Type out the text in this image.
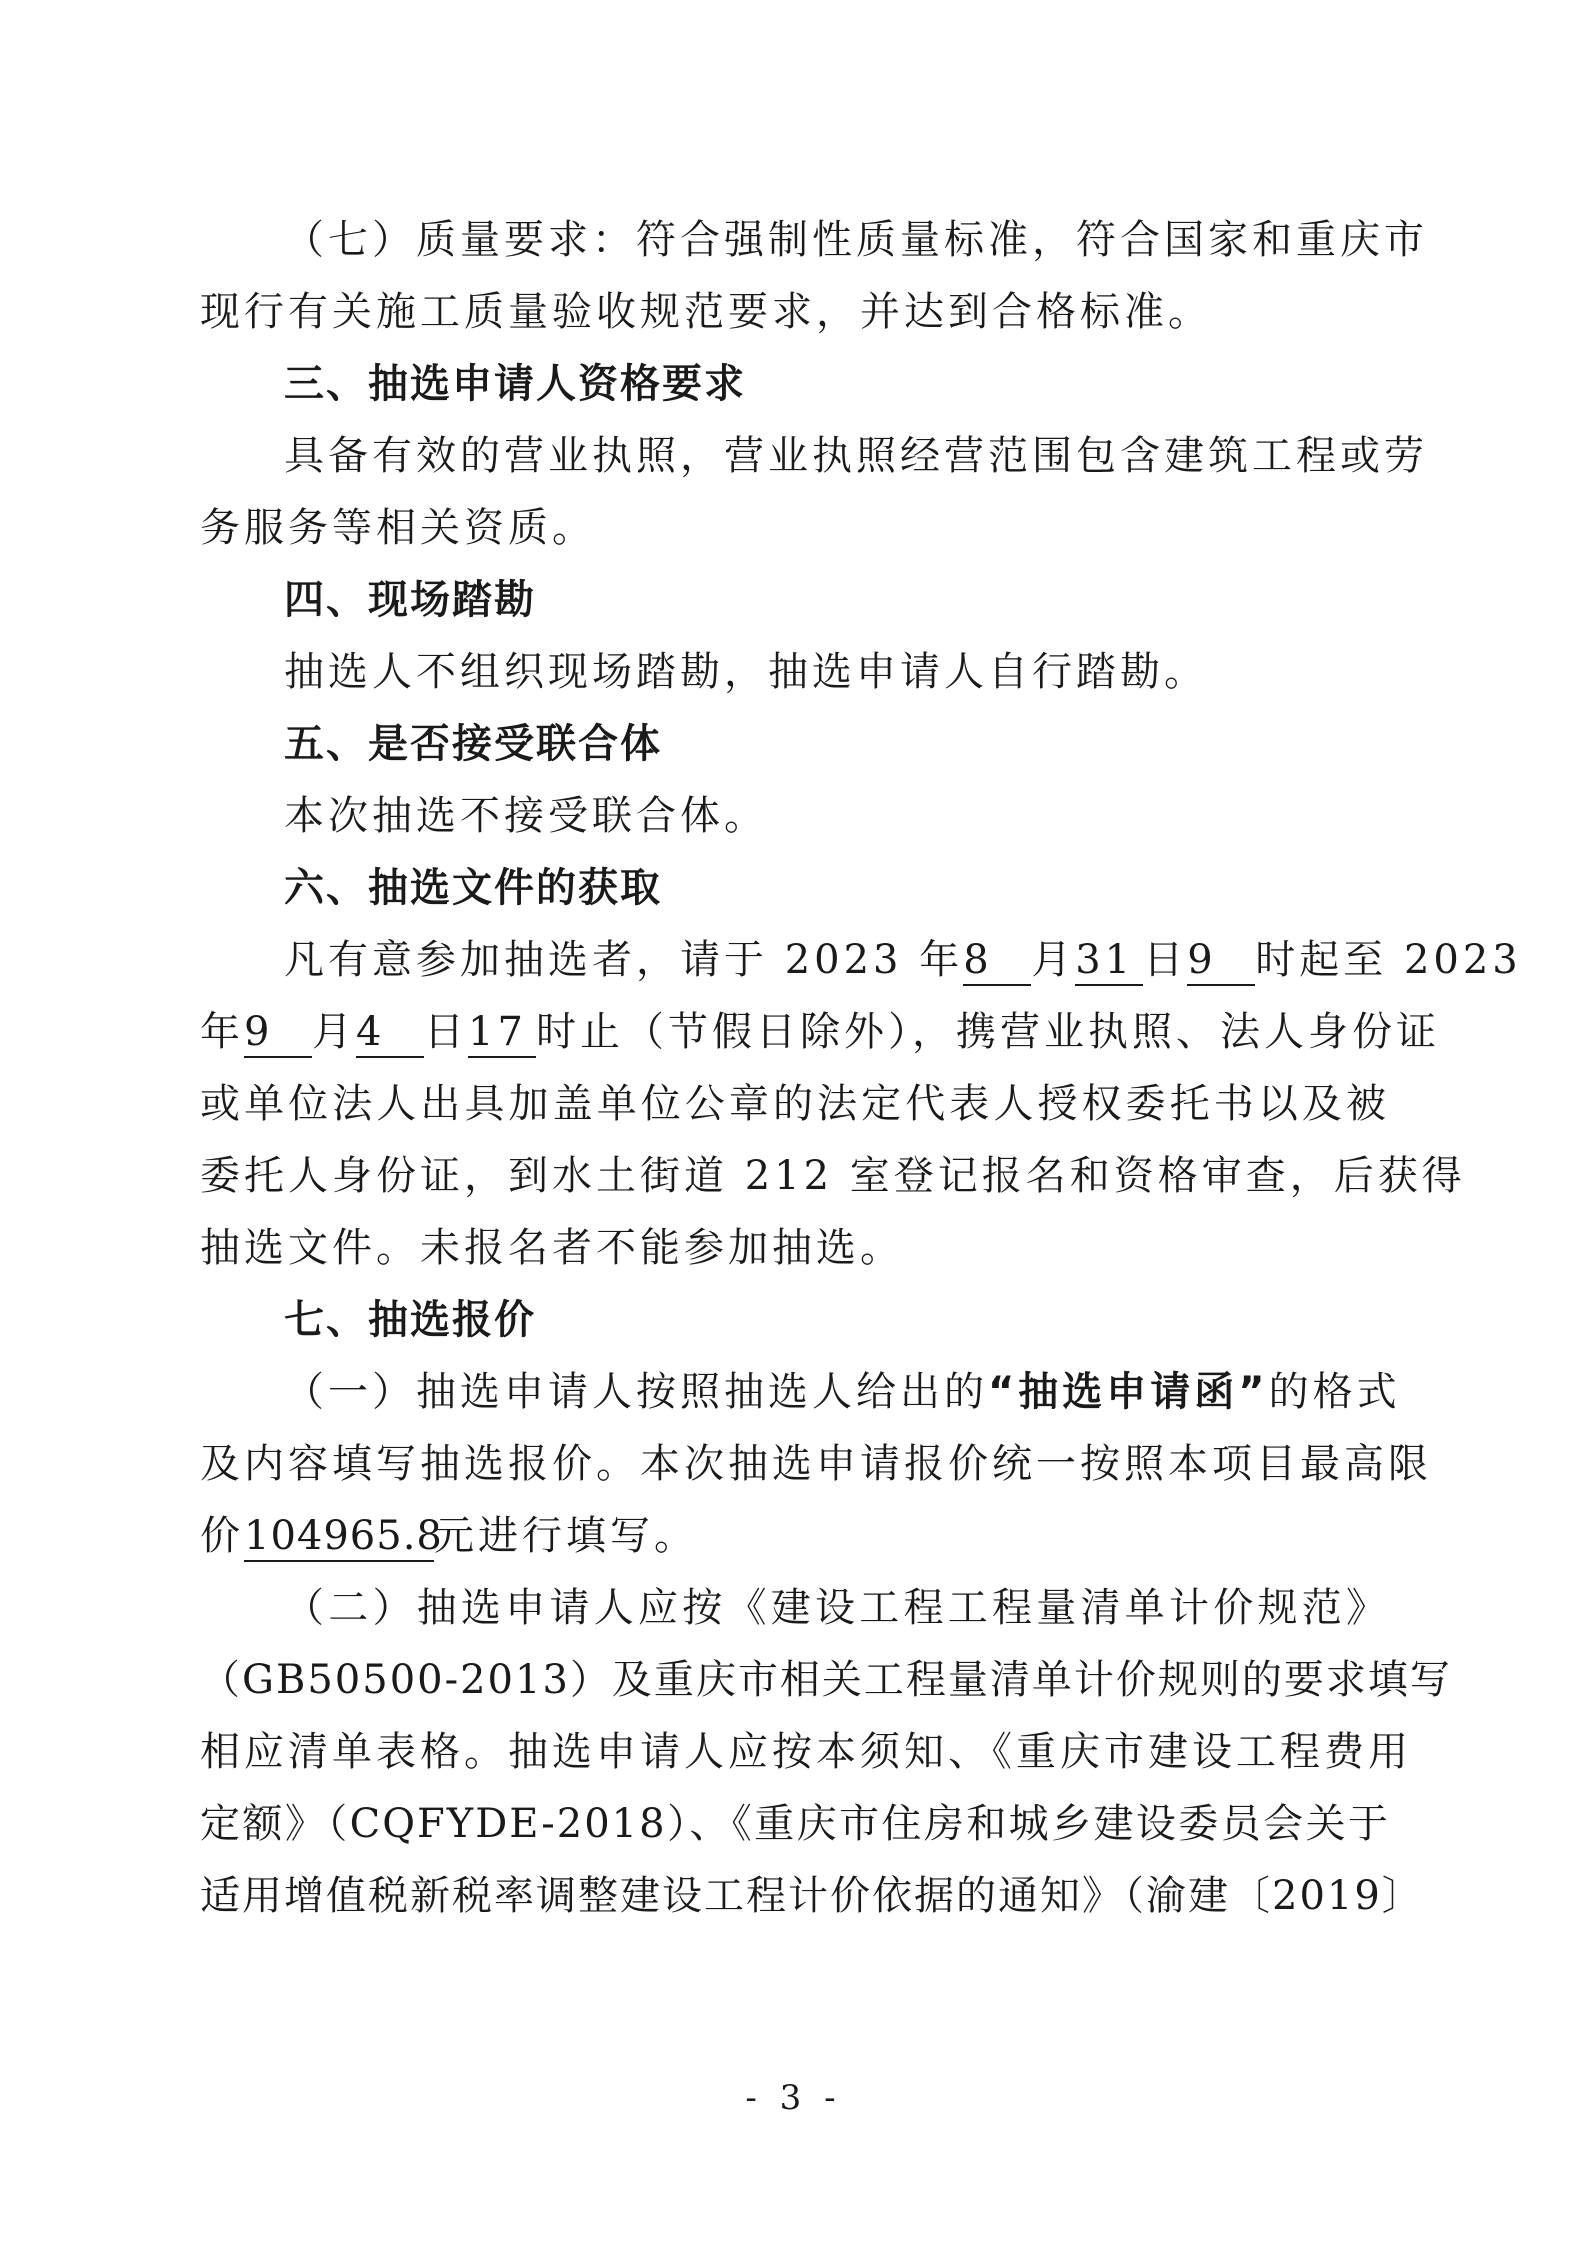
（七）质量要求：符合强制性质量标准，符合国家和重庆市
现行有关施工质量验收规范要求，并达到合格标准。
三、抽选申请人资格要求
具备有效的营业执照，营业执照经营范围包含建筑工程或劳
务服务等相关资质。
四、现场踏勘
抽选人不组织现场踏勘，抽选申请人自行踏勘。
五、是否接受联合体
本次抽选不接受联合体。
六、抽选文件的获取
凡有意参加抽选者，请于 2023 年8 月31 日9 时起至 2023
年9 月4 日17 时止（节假日除外），携营业执照、法人身份证
或单位法人出具加盖单位公章的法定代表人授权委托书以及被
委托人身份证，到水土街道 212 室登记报名和资格审查，后获得
抽选文件。未报名者不能参加抽选。
七、抽选报价
（一）抽选申请人按照抽选人给出的“抽选申请函”的格式
及内容填写抽选报价。本次抽选申请报价统一按照本项目最高限
价104965.8元进行填写。
（二）抽选申请人应按《建设工程工程量清单计价规范》
（GB50500-2013）及重庆市相关工程量清单计价规则的要求填写
相应清单表格。抽选申请人应按本须知、《重庆市建设工程费用
定额》（CQFYDE-2018）、《重庆市住房和城乡建设委员会关于
适用增值税新税率调整建设工程计价依据的通知》（渝建〔2019〕
- 3 -
